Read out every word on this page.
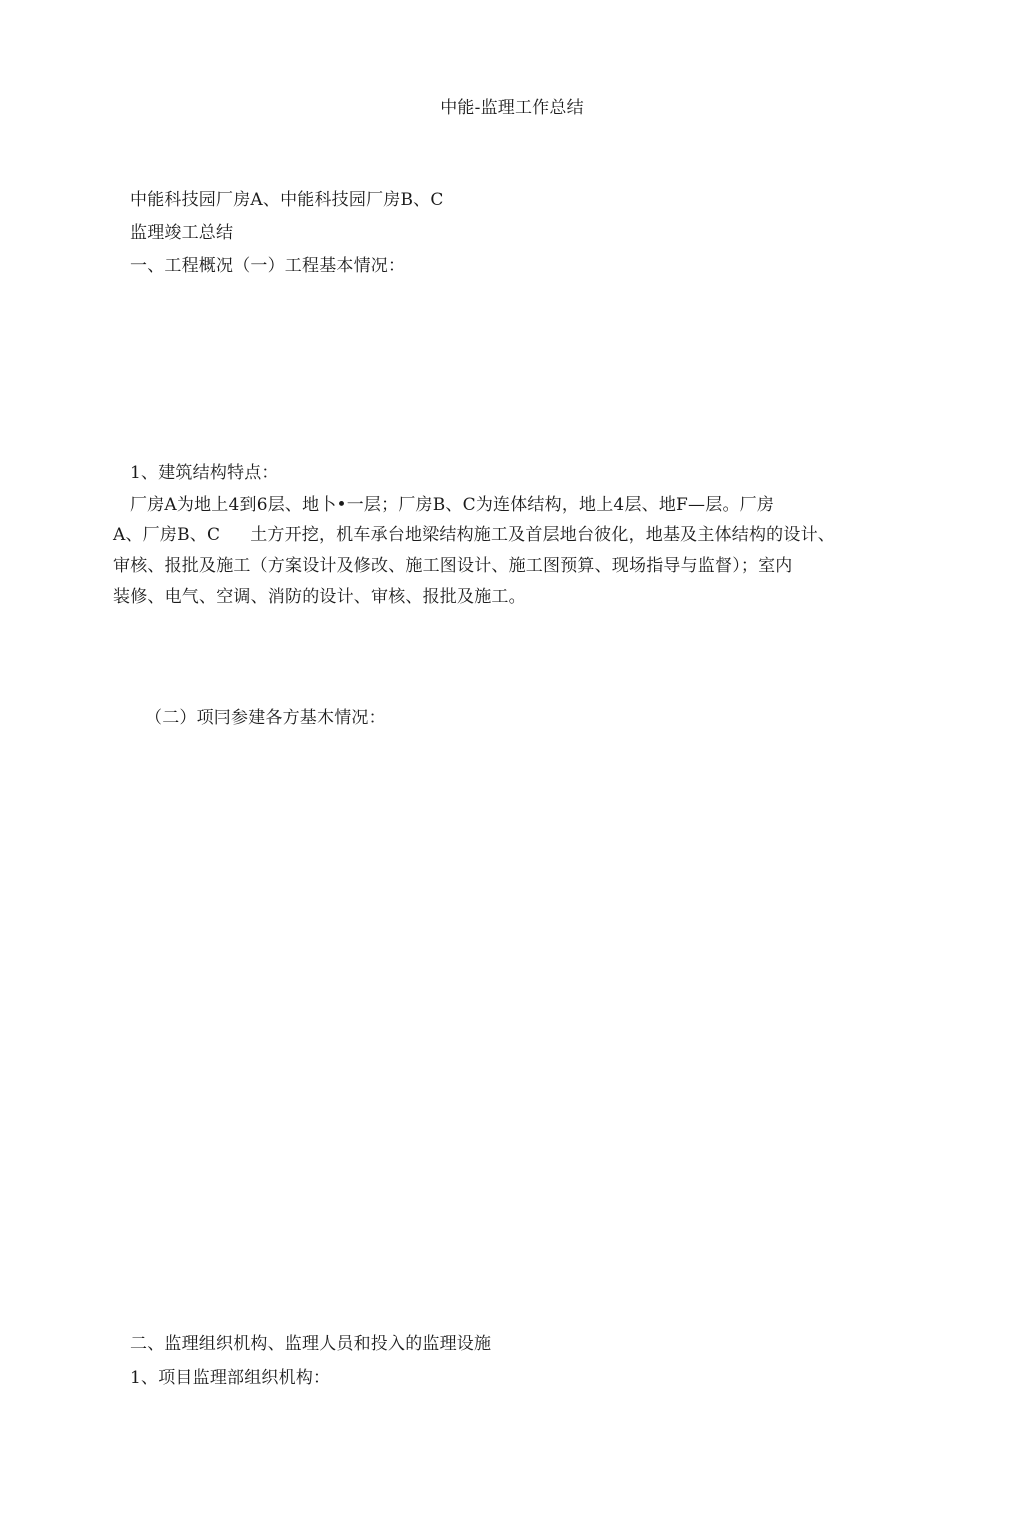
中能-监理工作总结
中能科技园厂房A、中能科技园厂房B、C
监理竣工总结
一、工程概况（一）工程基本情况：
1、建筑结构特点：
厂房A为地上4到6层、地卜•一层；厂房B、C为连体结构，地上4层、地F—层。厂房
A、厂房B、C 土方开挖，机车承台地梁结构施工及首层地台彼化，地基及主体结构的设计、
审核、报批及施工（方案设计及修改、施工图设计、施工图预算、现场指导与监督）；室内
装修、电气、空调、消防的设计、审核、报批及施工。
（二）项冃参建各方基木情况：
二、监理组织机构、监理人员和投入的监理设施
1、项目监理部组织机构：
